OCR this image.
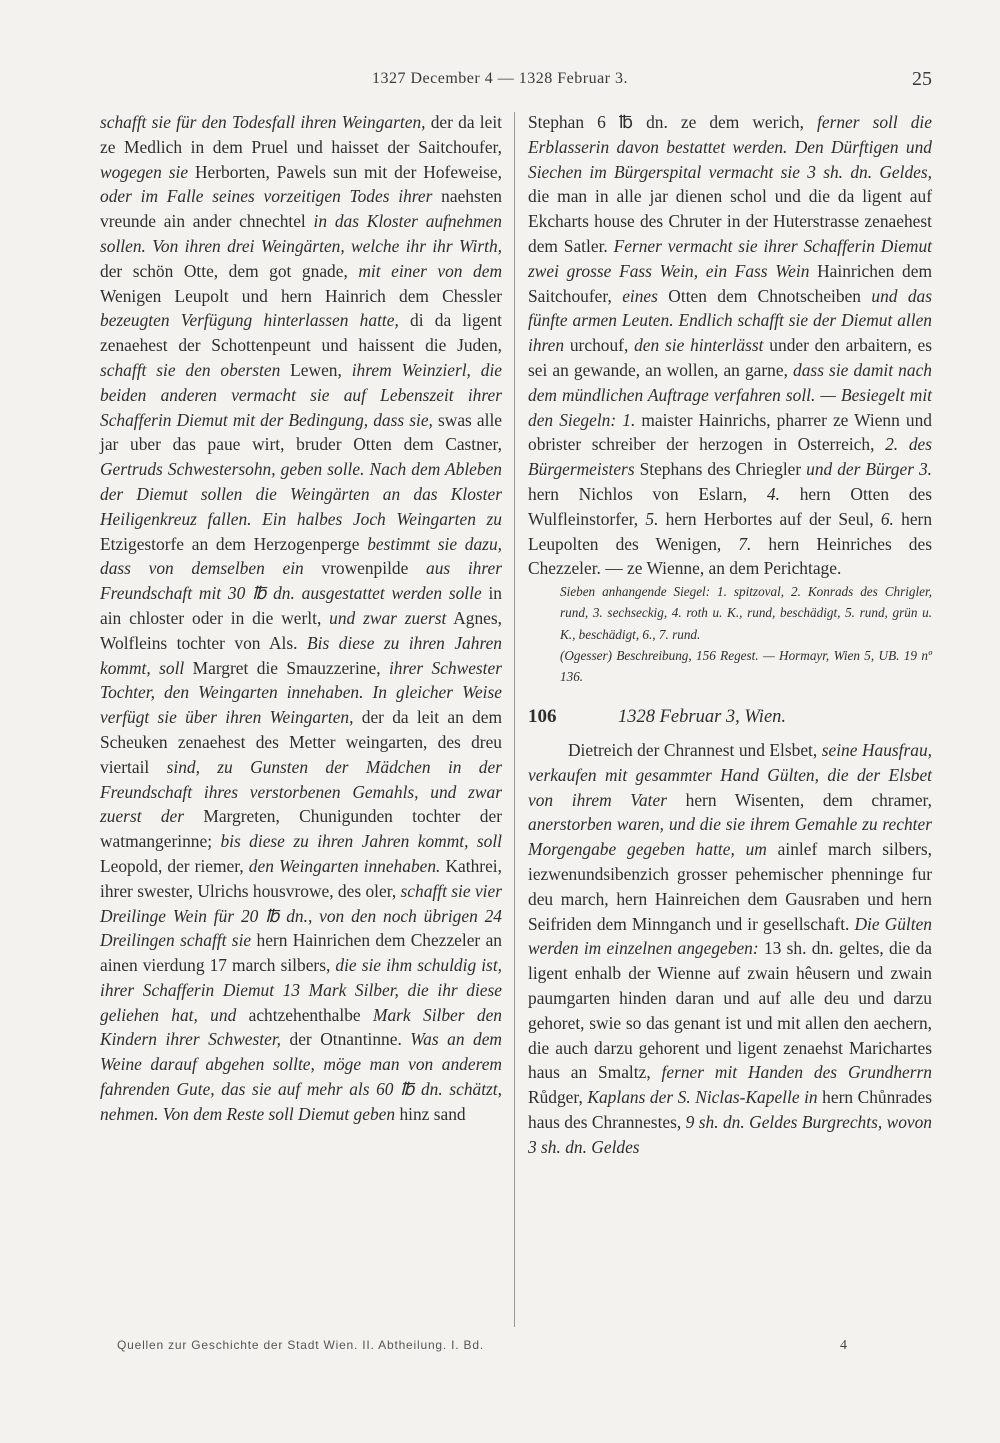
1327 December 4 — 1328 Februar 3.	25

schafft sie für den Todesfall ihren Weingarten, der da leit ze Medlich in dem Pruel und haisset der Saitchoufer, wogegen sie Herborten, Pawels sun mit der Hofeweise, oder im Falle seines vorzeitigen Todes ihrer naehsten vreunde ain ander chnechtel in das Kloster aufnehmen sollen. Von ihren drei Weingärten, welche ihr ihr Wirth, der schön Otte, dem got gnade, mit einer von dem Wenigen Leupolt und hern Hainrich dem Chessler bezeugten Verfügung hinterlassen hatte, di da ligent zenaehest der Schottenpeunt und haissent die Juden, schafft sie den obersten Lewen, ihrem Weinzierl, die beiden anderen vermacht sie auf Lebenszeit ihrer Schafferin Diemut mit der Bedingung, dass sie, swas alle jar uber das paue wirt, bruder Otten dem Castner, Gertruds Schwestersohn, geben solle. Nach dem Ableben der Diemut sollen die Weingärten an das Kloster Heiligenkreuz fallen. Ein halbes Joch Weingarten zu Etzigestorfe an dem Herzogenperge bestimmt sie dazu, dass von demselben ein vrowenpilde aus ihrer Freundschaft mit 30 ℔ dn. ausgestattet werden solle in ain chloster oder in die werlt, und zwar zuerst Agnes, Wolfleins tochter von Als. Bis diese zu ihren Jahren kommt, soll Margret die Smauzzerine, ihrer Schwester Tochter, den Weingarten innehaben. In gleicher Weise verfügt sie über ihren Weingarten, der da leit an dem Scheuken zenaehest des Metter weingarten, des dreu viertail sind, zu Gunsten der Mädchen in der Freundschaft ihres verstorbenen Gemahls, und zwar zuerst der Margreten, Chunigunden tochter der watmangerinne; bis diese zu ihren Jahren kommt, soll Leopold, der riemer, den Weingarten innehaben. Kathrei, ihrer swester, Ulrichs housvrowe, des oler, schafft sie vier Dreilinge Wein für 20 ℔ dn., von den noch übrigen 24 Dreilingen schafft sie hern Hainrichen dem Chezzeler an ainen vierdung 17 march silbers, die sie ihm schuldig ist, ihrer Schafferin Diemut 13 Mark Silber, die ihr diese geliehen hat, und achtzehenthalbe Mark Silber den Kindern ihrer Schwester, der Otnantinne. Was an dem Weine darauf abgehen sollte, möge man von anderem fahrenden Gute, das sie auf mehr als 60 ℔ dn. schätzt, nehmen. Von dem Reste soll Diemut geben hinz sand

Stephan 6 ℔ dn. ze dem werich, ferner soll die Erblasserin davon bestattet werden. Den Dürftigen und Siechen im Bürgerspital vermacht sie 3 sh. dn. Geldes, die man in alle jar dienen schol und die da ligent auf Ekcharts house des Chruter in der Huterstrasse zenaehest dem Satler. Ferner vermacht sie ihrer Schafferin Diemut zwei grosse Fass Wein, ein Fass Wein Hainrichen dem Saitchoufer, eines Otten dem Chnotscheiben und das fünfte armen Leuten. Endlich schafft sie der Diemut allen ihren urchouf, den sie hinterlässt under den arbaitern, es sei an gewande, an wollen, an garne, dass sie damit nach dem mündlichen Auftrage verfahren soll. — Besiegelt mit den Siegeln: 1. maister Hainrichs, pharrer ze Wienn und obrister schreiber der herzogen in Osterreich, 2. des Bürgermeisters Stephans des Chriegler und der Bürger 3. hern Nichlos von Eslarn, 4. hern Otten des Wulfleinstorfer, 5. hern Herbortes auf der Seul, 6. hern Leupolten des Wenigen, 7. hern Heinriches des Chezzeler. — ze Wienne, an dem Perichtage.

Sieben anhangende Siegel: 1. spitzoval, 2. Konrads des Chrigler, rund, 3. sechseckig, 4. roth u. K., rund, beschädigt, 5. rund, grün u. K., beschädigt, 6., 7. rund.

(Ogesser) Beschreibung, 156 Regest. — Hormayr, Wien 5, UB. 19 nº 136.

106	1328 Februar 3, Wien.

Dietreich der Chrannest und Elsbet, seine Hausfrau, verkaufen mit gesammter Hand Gülten, die der Elsbet von ihrem Vater hern Wisenten, dem chramer, anerstorben waren, und die sie ihrem Gemahle zu rechter Morgengabe gegeben hatte, um ainlef march silbers, iezwenundsibenzich grosser pehemischer phenninge fur deu march, hern Hainreichen dem Gausraben und hern Seifriden dem Minnganch und ir gesellschaft. Die Gülten werden im einzelnen angegeben: 13 sh. dn. geltes, die da ligent enhalb der Wienne auf zwain hêusern und zwain paumgarten hinden daran und auf alle deu und darzu gehoret, swie so das genant ist und mit allen den aechern, die auch darzu gehorent und ligent zenaehst Marichartes haus an Smaltz, ferner mit Handen des Grundherrn Růdger, Kaplans der S. Niclas-Kapelle in hern Chůnrades haus des Chrannestes, 9 sh. dn. Geldes Burgrechts, wovon 3 sh. dn. Geldes

Quellen zur Geschichte der Stadt Wien. II. Abtheilung. I. Bd.	4
